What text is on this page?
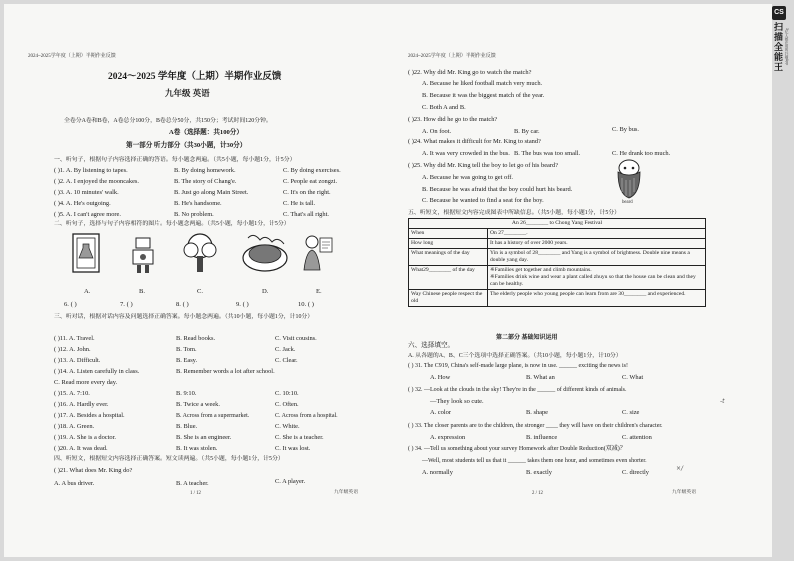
2024~2025学年度（上期）半期作业反馈
2024～2025 学年度（上期）半期作业反馈
九年级 英语
全卷分A卷和B卷，A卷总分100分，B卷总分50分，共150分；考试时间120分钟。
A卷（选择题：共100分）
第一部分 听力部分（共30小题，计30分）
一、听句子，根据句子内容选择正确的答语。每小题念两遍。（共5小题，每小题1分，计5分）
( )1. A. By listening to tapes.	B. By doing homework.	C. By doing exercises.
( )2. A. I enjoyed the mooncakes.	B. The story of Chang'e.	C. People eat zongzi.
( )3. A. 10 minutes' walk.	B. Just go along Main Street.	C. It's on the right.
( )4. A. He's outgoing.	B. He's handsome.	C. He is tall.
( )5. A. I can't agree more.	B. No problem.	C. That's all right.
二、听句子，选择与句子内容相符的图片。每小题念两遍。（共5小题，每小题1分，计5分）
A.	B.	C.	D.	E.
6. ( )	7. ( )	8. ( )	9. ( )	10. ( )
三、听对话，根据对话内容及问题选择正确答案。每小题念两遍。（共10小题，每小题1分，计10分）
( )11. A. Travel.	B. Read books.	C. Visit cousins.
( )12. A. John.	B. Tom.	C. Jack.
( )13. A. Difficult.	B. Easy.	C. Clear.
( )14. A. Listen carefully in class.	B. Remember words a lot after school.
C. Read more every day.
( )15. A. 7:10.	B. 9:10.	C. 10:10.
( )16. A. Hardly ever.	B. Twice a week.	C. Often.
( )17. A. Besides a hospital.	B. Across from a supermarket.	C. Across from a hospital.
( )18. A. Green.	B. Blue.	C. White.
( )19. A. She is a doctor.	B. She is an engineer.	C. She is a teacher.
( )20. A. It was dead.	B. It was stolen.	C. It was lost.
四、听短文，根据短文内容选择正确答案。短文读两遍。（共5小题，每小题1分，计5分）
( )21. What does Mr. King do?
A. A bus driver.	B. A teacher.	C. A player.
1 / 12	九年级英语
2024~2025学年度（上期）半期作业反馈
( )22. Why did Mr. King go to watch the match?
A. Because he liked football match very much.
B. Because it was the biggest match of the year.
C. Both A and B.
( )23. How did he go to the match?
A. On foot.	B. By car.	C. By bus.
( )24. What makes it difficult for Mr. King to stand?
A. It was very crowded in the bus. B. The bus was too small.	C. He drank too much.
( )25. Why did Mr. King tell the boy to let go of his beard?
A. Because he was going to get off.
B. Because he was afraid that the boy could hurt his beard.
C. Because he wanted to find a seat for the boy.	beard
五、听短文，根据短文内容完成图表中所缺信息。（共5小题，每小题1分，计5分）
An 26________ to Chong Yang Festival	
When	On 27________.
How long	It has a history of over 2000 years.
What meanings of the day	Yin is a symbol of 28________ and Yang is a symbol of brightness. Double nine means a double yang day.
What29________ of the day	※Families get together and climb mountains.
※Families drink wine and wear a plant called zhuyu so that the house can be clean and they can be healthy.
Way Chinese people respect the old	The elderly people who young people can learn from are 30________ and experienced.
第二部分 基础知识运用
六、选择填空。
A. 从各题的A、B、C三个选项中选择正确答案。（共10小题，每小题1分，计10分）
( ) 31. The C919, China's self-made large plane, is now in use. ______ exciting the news is!
A. How	B. What an	C. What
( ) 32. —Look at the clouds in the sky! They're in the ______ of different kinds of animals.
—They look so cute.
A. color	B. shape	C. size
-t
( ) 33. The closer parents are to the children, the stronger ____ they will have on their children's character.
A. expression	B. influence	C. attention
( ) 34. —Tell us something about your survey Homework after Double Reduction(双减)？
—Well, most students tell us that it ______ takes them one hour, and sometimes even shorter.
A. normally	B. exactly	C. directly
×/
2 / 12	九年级英语
CS
扫描全能王 3亿人都在用的扫描App
